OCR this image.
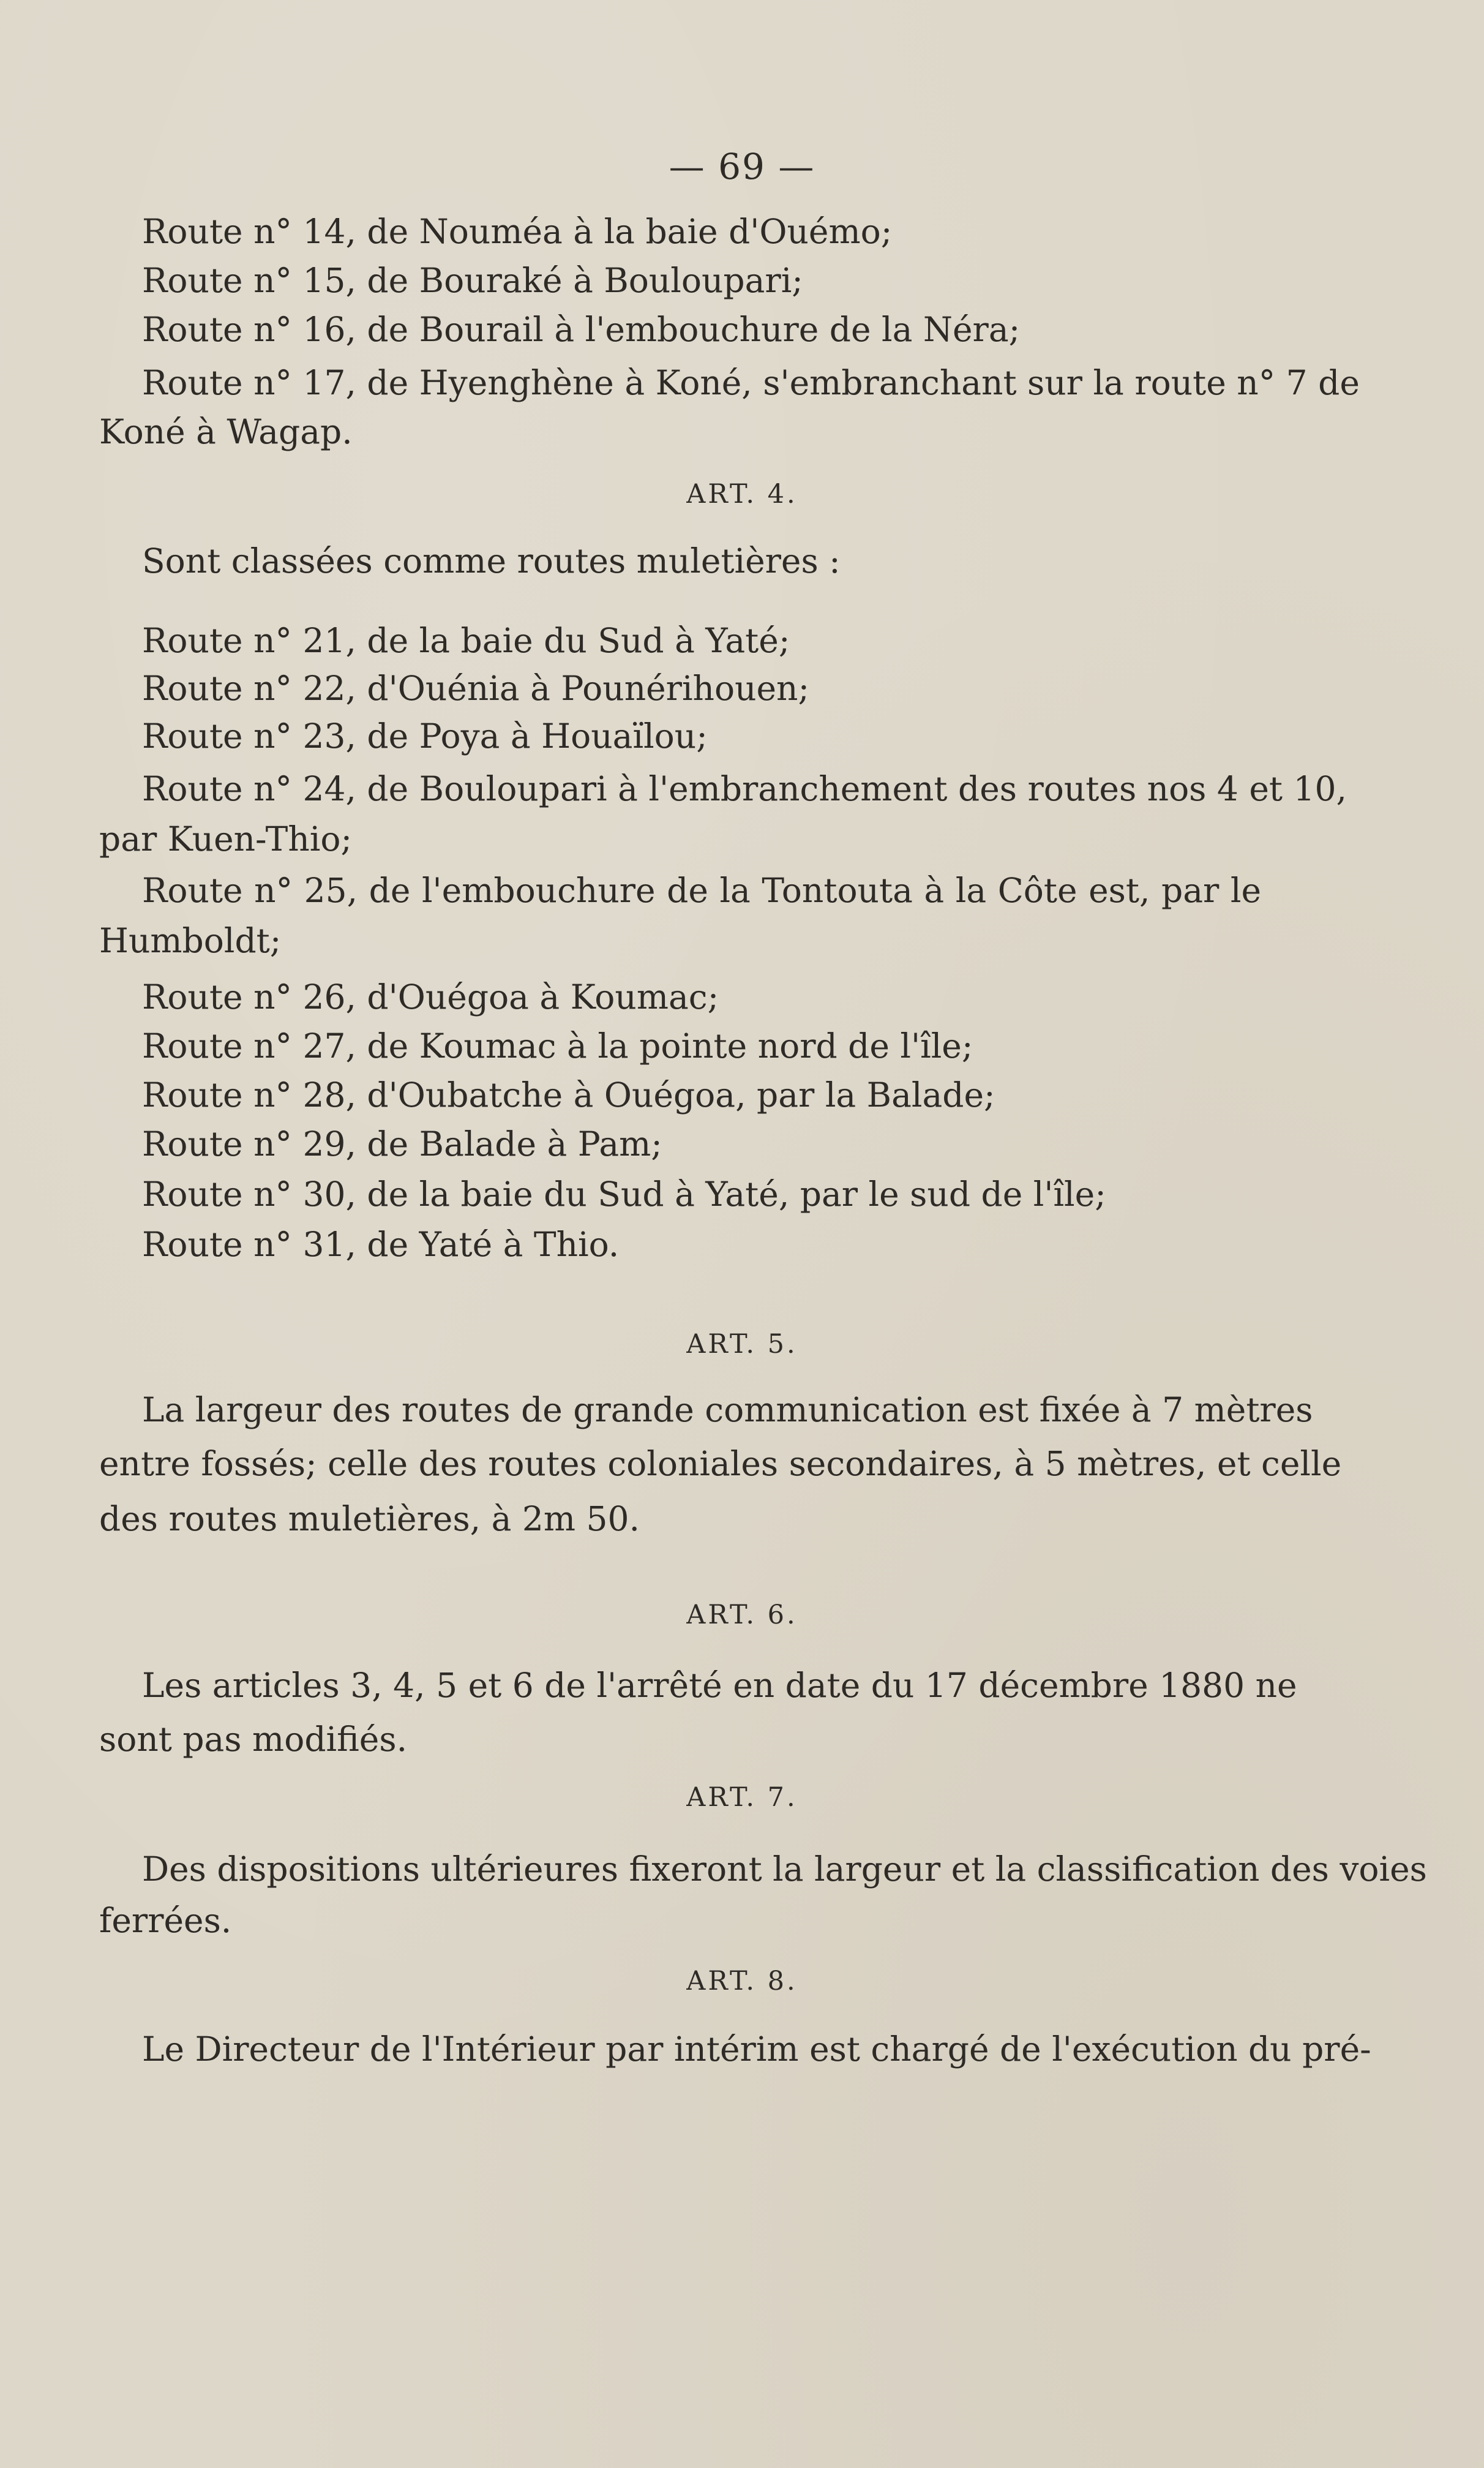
— 69 —
Route n° 14, de Nouméa à la baie d'Ouémo;
Route n° 15, de Bouraké à Bouloupari;
Route n° 16, de Bourail à l'embouchure de la Néra;
Route n° 17, de Hyenghène à Koné, s'embranchant sur la route n° 7 de
Koné à Wagap.
ART. 4.
Sont classées comme routes muletières :
Route n° 21, de la baie du Sud à Yaté;
Route n° 22, d'Ouénia à Pounérihouen;
Route n° 23, de Poya à Houaïlou;
Route n° 24, de Bouloupari à l'embranchement des routes nos 4 et 10,
par Kuen-Thio;
Route n° 25, de l'embouchure de la Tontouta à la Côte est, par le
Humboldt;
Route n° 26, d'Ouégoa à Koumac;
Route n° 27, de Koumac à la pointe nord de l'île;
Route n° 28, d'Oubatche à Ouégoa, par la Balade;
Route n° 29, de Balade à Pam;
Route n° 30, de la baie du Sud à Yaté, par le sud de l'île;
Route n° 31, de Yaté à Thio.
ART. 5.
La largeur des routes de grande communication est fixée à 7 mètres
entre fossés; celle des routes coloniales secondaires, à 5 mètres, et celle
des routes muletières, à 2m 50.
ART. 6.
Les articles 3, 4, 5 et 6 de l'arrêté en date du 17 décembre 1880 ne
sont pas modifiés.
ART. 7.
Des dispositions ultérieures fixeront la largeur et la classification des voies
ferrées.
ART. 8.
Le Directeur de l'Intérieur par intérim est chargé de l'exécution du pré-
